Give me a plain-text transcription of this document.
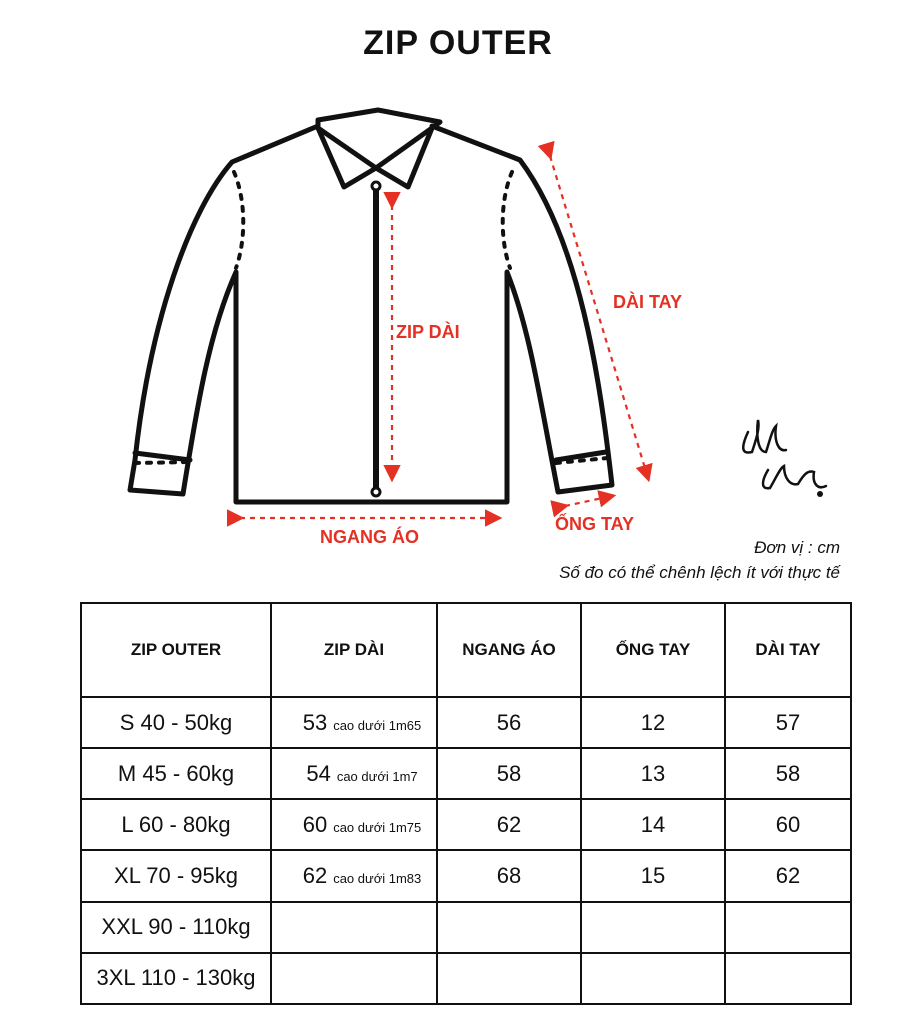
ZIP OUTER
ZIP DÀI
DÀI TAY
NGANG ÁO
ỐNG TAY
Đơn vị : cm
Số đo có thể chênh lệch ít với thực tế
ZIP OUTER	ZIP DÀI	NGANG ÁO	ỐNG TAY	DÀI TAY
S 40 - 50kg	53 cao dưới 1m65	56	12	57
M 45 - 60kg	54 cao dưới 1m7	58	13	58
L 60 - 80kg	60 cao dưới 1m75	62	14	60
XL 70 - 95kg	62 cao dưới 1m83	68	15	62
XXL 90 - 110kg				
3XL 110 - 130kg				
